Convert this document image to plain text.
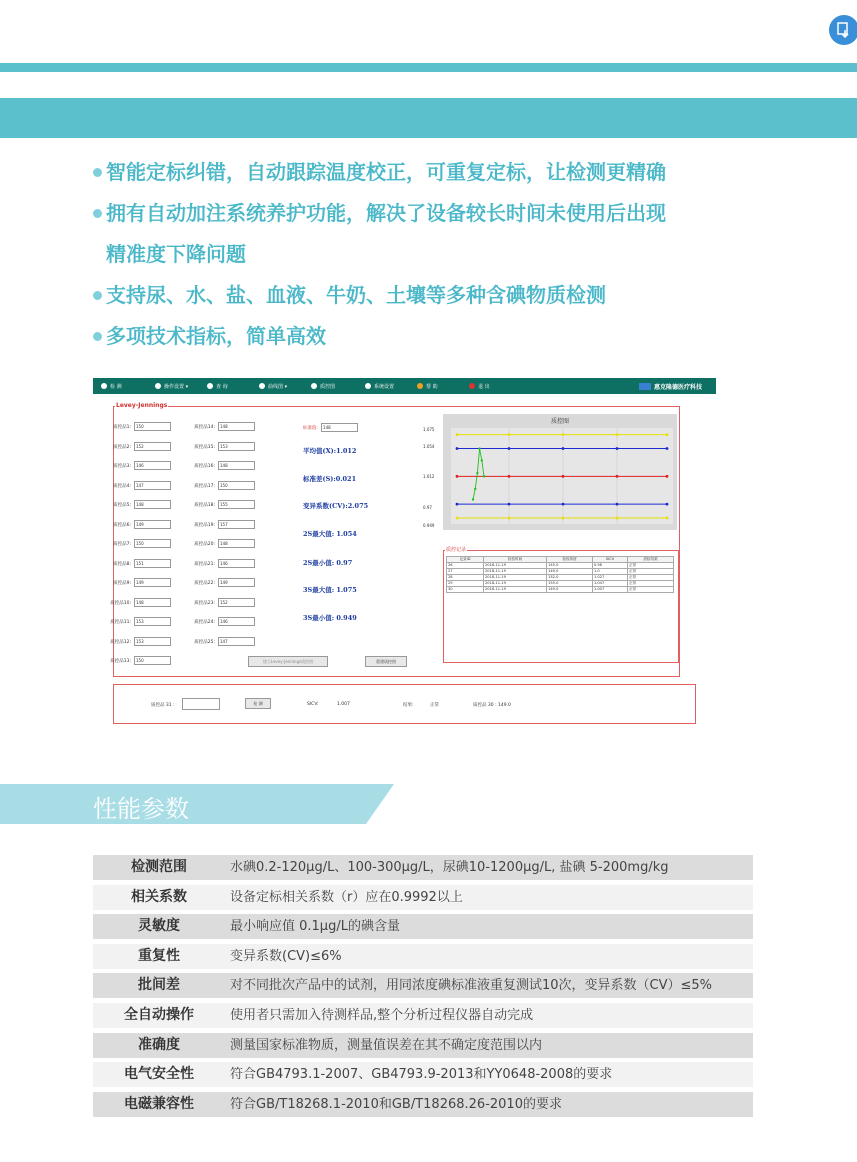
智能定标纠错，自动跟踪温度校正，可重复定标，让检测更精确
拥有自动加注系统养护功能，解决了设备较长时间未使用后出现
精准度下降问题
支持尿、水、盐、血液、牛奶、土壤等多种含碘物质检测
多项技术指标，简单高效
检 测	操作设置 ▾	查 询	曲线图 ▾	质控图	系统设置	帮 助	退 出	惠克隆德医疗科技
Levey-Jennings
质控品1: 150
质控品2: 152
质控品3: 146
质控品4: 147
质控品5: 148
质控品6: 149
质控品7: 150
质控品8: 151
质控品9: 149
质控品10: 148
质控品11: 153
质控品12: 153
质控品13: 150
质控品14: 148
质控品15: 153
质控品16: 148
质控品17: 150
质控品18: 155
质控品19: 157
质控品20: 148
质控品21: 146
质控品22: 149
质控品23: 152
质控品24: 146
质控品25: 147
标准值: 148
平均值(X):1.012
标准差(S):0.021
变异系数(CV):2.075
2S最大值: 1.054
2S最小值: 0.97
3S最大值: 1.075
3S最小值: 0.949
建立Levey-Jennings质控图	重建质控图
1.075
1.054
1.012
0.97
0.949
质控图
质控记录
记录ID	检验时间	检验浓度	SICV	质检结果
26	2018-11-19	145.0	0.98	正常
27	2018-11-19	149.0	1.0	正常
28	2018-11-19	152.0	1.027	正常
29	2018-11-19	155.0	1.047	正常
30	2018-11-19	149.0	1.007	正常
质控品 31 :	检 测	SICV:	1.007	结果:	正常	质控品 30 : 149.0
性能参数
检测范围	水碘0.2-120μg/L、100-300μg/L，尿碘10-1200μg/L, 盐碘 5-200mg/kg
相关系数	设备定标相关系数（r）应在0.9992以上
灵敏度	最小响应值 0.1μg/L的碘含量
重复性	变异系数(CV)≤6%
批间差	对不同批次产品中的试剂，用同浓度碘标准液重复测试10次，变异系数（CV）≤5%
全自动操作	使用者只需加入待测样品,整个分析过程仪器自动完成
准确度	测量国家标准物质，测量值误差在其不确定度范围以内
电气安全性	符合GB4793.1-2007、GB4793.9-2013和YY0648-2008的要求
电磁兼容性	符合GB/T18268.1-2010和GB/T18268.26-2010的要求
